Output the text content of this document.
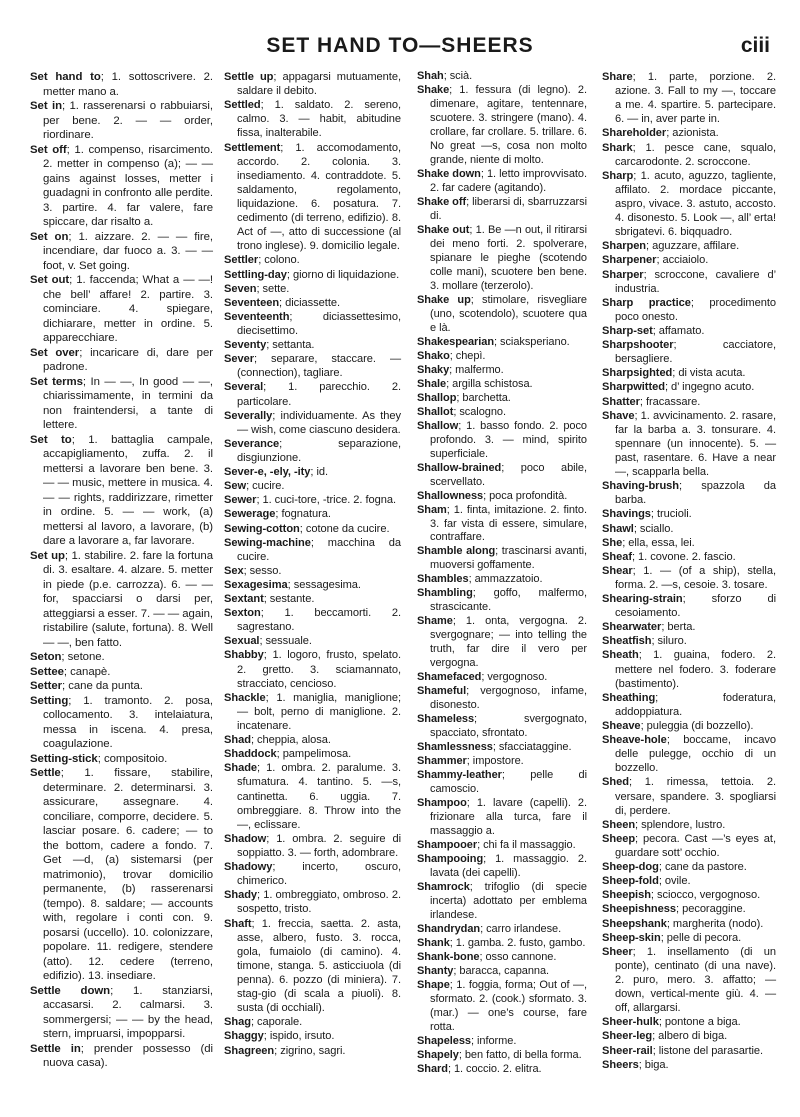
SET HAND TO—SHEERS	ciii
Set hand to; 1. sottoscrivere. 2. metter mano a.
Set in; 1. rasserenarsi o rabbuiarsi, per bene. 2. — — order, riordinare.
Set off; 1. compenso, risarcimento. 2. metter in compenso (a); — — gains against losses, metter i guadagni in confronto alle perdite. 3. partire. 4. far valere, fare spiccare, dar risalto a.
Set on; 1. aizzare. 2. — — fire, incendiare, dar fuoco a. 3. — — foot, v. Set going.
Set out; 1. faccenda; What a — —! che bell’ affare! 2. partire. 3. cominciare. 4. spiegare, dichiarare, metter in ordine. 5. apparecchiare.
Set over; incaricare di, dare per padrone.
Set terms; In — —, In good — —, chiarissimamente, in termini da non fraintendersi, a tante di lettere.
Set to; 1. battaglia campale, accapigliamento, zuffa. 2. il mettersi a lavorare ben bene. 3. — — music, mettere in musica. 4. — — rights, raddirizzare, rimetter in ordine. 5. — — work, (a) mettersi al lavoro, a lavorare, (b) dare a lavorare a, far lavorare.
Set up; 1. stabilire. 2. fare la fortuna di. 3. esaltare. 4. alzare. 5. metter in piede (p.e. carrozza). 6. — — for, spacciarsi o darsi per, atteggiarsi a esser. 7. — — again, ristabilire (salute, fortuna). 8. Well — —, ben fatto.
Seton; setone.
Settee; canapè.
Setter; cane da punta.
Setting; 1. tramonto. 2. posa, collocamento. 3. intelaiatura, messa in iscena. 4. presa, coagulazione.
Setting-stick; compositoio.
Settle; 1. fissare, stabilire, determinare. 2. determinarsi. 3. assicurare, assegnare. 4. conciliare, comporre, decidere. 5. lasciar posare. 6. cadere; — to the bottom, cadere a fondo. 7. Get —d, (a) sistemarsi (per matrimonio), trovar domicilio permanente, (b) rasserenarsi (tempo). 8. saldare; — accounts with, regolare i conti con. 9. posarsi (uccello). 10. colonizzare, popolare. 11. redigere, stendere (atto). 12. cedere (terreno, edifizio). 13. insediare.
Settle down; 1. stanziarsi, accasarsi. 2. calmarsi. 3. sommergersi; — — by the head, stern, impruarsi, impopparsi.
Settle in; prender possesso (di nuova casa).
Settle up; appagarsi mutuamente, saldare il debito.
Settled; 1. saldato. 2. sereno, calmo. 3. — habit, abitudine fissa, inalterabile.
Settlement; 1. accomodamento, accordo. 2. colonia. 3. insediamento. 4. contraddote. 5. saldamento, regolamento, liquidazione. 6. posatura. 7. cedimento (di terreno, edifizio). 8. Act of —, atto di successione (al trono inglese). 9. domicilio legale.
Settler; colono.
Settling-day; giorno di liquidazione.
Seven; sette.
Seventeen; diciassette.
Seventeenth; diciassettesimo, diecisettimo.
Seventy; settanta.
Sever; separare, staccare. — (connection), tagliare.
Several; 1. parecchio. 2. particolare.
Severally; individuamente. As they — wish, come ciascuno desidera.
Severance; separazione, disgiunzione.
Sever-e, -ely, -ity; id.
Sew; cucire.
Sewer; 1. cuci-tore, -trice. 2. fogna.
Sewerage; fognatura.
Sewing-cotton; cotone da cucire.
Sewing-machine; macchina da cucire.
Sex; sesso.
Sexagesima; sessagesima.
Sextant; sestante.
Sexton; 1. beccamorti. 2. sagrestano.
Sexual; sessuale.
Shabby; 1. logoro, frusto, spelato. 2. gretto. 3. sciamannato, stracciato, cencioso.
Shackle; 1. maniglia, maniglione; — bolt, perno di maniglione. 2. incatenare.
Shad; cheppia, alosa.
Shaddock; pampelimosa.
Shade; 1. ombra. 2. paralume. 3. sfumatura. 4. tantino. 5. —s, cantinetta. 6. uggia. 7. ombreggiare. 8. Throw into the —, eclissare.
Shadow; 1. ombra. 2. seguire di soppiatto. 3. — forth, adombrare.
Shadowy; incerto, oscuro, chimerico.
Shady; 1. ombreggiato, ombroso. 2. sospetto, tristo.
Shaft; 1. freccia, saetta. 2. asta, asse, albero, fusto. 3. rocca, gola, fumaiolo (di camino). 4. timone, stanga. 5. asticciuola (di penna). 6. pozzo (di miniera). 7. stag-gio (di scala a piuoli). 8. susta (di occhiali).
Shag; caporale.
Shaggy; ispido, irsuto.
Shagreen; zigrino, sagri.
Shah; scià.
Shake; 1. fessura (di legno). 2. dimenare, agitare, tentennare, scuotere. 3. stringere (mano). 4. crollare, far crollare. 5. trillare. 6. No great —s, cosa non molto grande, niente di molto.
Shake down; 1. letto improvvisato. 2. far cadere (agitando).
Shake off; liberarsi di, sbarruzzarsi di.
Shake out; 1. Be —n out, il ritirarsi dei meno forti. 2. spolverare, spianare le pieghe (scotendo colle mani), scuotere ben bene. 3. mollare (terzerolo).
Shake up; stimolare, risvegliare (uno, scotendolo), scuotere qua e là.
Shakespearian; sciaksperiano.
Shako; chepì.
Shaky; malfermo.
Shale; argilla schistosa.
Shallop; barchetta.
Shallot; scalogno.
Shallow; 1. basso fondo. 2. poco profondo. 3. — mind, spirito superficiale.
Shallow-brained; poco abile, scervellato.
Shallowness; poca profondità.
Sham; 1. finta, imitazione. 2. finto. 3. far vista di essere, simulare, contraffare.
Shamble along; trascinarsi avanti, muoversi goffamente.
Shambles; ammazzatoio.
Shambling; goffo, malfermo, strascicante.
Shame; 1. onta, vergogna. 2. svergognare; — into telling the truth, far dire il vero per vergogna.
Shamefaced; vergognoso.
Shameful; vergognoso, infame, disonesto.
Shameless; svergognato, spacciato, sfrontato.
Shamlessness; sfacciataggine.
Shammer; impostore.
Shammy-leather; pelle di camoscio.
Shampoo; 1. lavare (capelli). 2. frizionare alla turca, fare il massaggio a.
Shampooer; chi fa il massaggio.
Shampooing; 1. massaggio. 2. lavata (dei capelli).
Shamrock; trifoglio (di specie incerta) adottato per emblema irlandese.
Shandrydan; carro irlandese.
Shank; 1. gamba. 2. fusto, gambo.
Shank-bone; osso cannone.
Shanty; baracca, capanna.
Shape; 1. foggia, forma; Out of —, sformato. 2. (cook.) sformato. 3. (mar.) — one’s course, fare rotta.
Shapeless; informe.
Shapely; ben fatto, di bella forma.
Shard; 1. coccio. 2. elitra.
Share; 1. parte, porzione. 2. azione. 3. Fall to my —, toccare a me. 4. spartire. 5. partecipare. 6. — in, aver parte in.
Shareholder; azionista.
Shark; 1. pesce cane, squalo, carcarodonte. 2. scroccone.
Sharp; 1. acuto, aguzzo, tagliente, affilato. 2. mordace piccante, aspro, vivace. 3. astuto, accosto. 4. disonesto. 5. Look —, all’ erta! sbrigatevi. 6. biqquadro.
Sharpen; aguzzare, affilare.
Sharpener; acciaiolo.
Sharper; scroccone, cavaliere d’ industria.
Sharp practice; procedimento poco onesto.
Sharp-set; affamato.
Sharpshooter; cacciatore, bersagliere.
Sharpsighted; di vista acuta.
Sharpwitted; d’ ingegno acuto.
Shatter; fracassare.
Shave; 1. avvicinamento. 2. rasare, far la barba a. 3. tonsurare. 4. spennare (un innocente). 5. — past, rasentare. 6. Have a near —, scapparla bella.
Shaving-brush; spazzola da barba.
Shavings; trucioli.
Shawl; sciallo.
She; ella, essa, lei.
Sheaf; 1. covone. 2. fascio.
Shear; 1. — (of a ship), stella, forma. 2. —s, cesoie. 3. tosare.
Shearing-strain; sforzo di cesoiamento.
Shearwater; berta.
Sheatfish; siluro.
Sheath; 1. guaina, fodero. 2. mettere nel fodero. 3. foderare (bastimento).
Sheathing; foderatura, addoppiatura.
Sheave; puleggia (di bozzello).
Sheave-hole; boccame, incavo delle pulegge, occhio di un bozzello.
Shed; 1. rimessa, tettoia. 2. versare, spandere. 3. spogliarsi di, perdere.
Sheen; splendore, lustro.
Sheep; pecora. Cast —’s eyes at, guardare sott’ occhio.
Sheep-dog; cane da pastore.
Sheep-fold; ovile.
Sheepish; sciocco, vergognoso.
Sheepishness; pecoraggine.
Sheepshank; margherita (nodo).
Sheep-skin; pelle di pecora.
Sheer; 1. insellamento (di un ponte), centinato (di una nave). 2. puro, mero. 3. affatto; — down, vertical-mente giù. 4. — off, allargarsi.
Sheer-hulk; pontone a biga.
Sheer-leg; albero di biga.
Sheer-rail; listone del parasartie.
Sheers; biga.
